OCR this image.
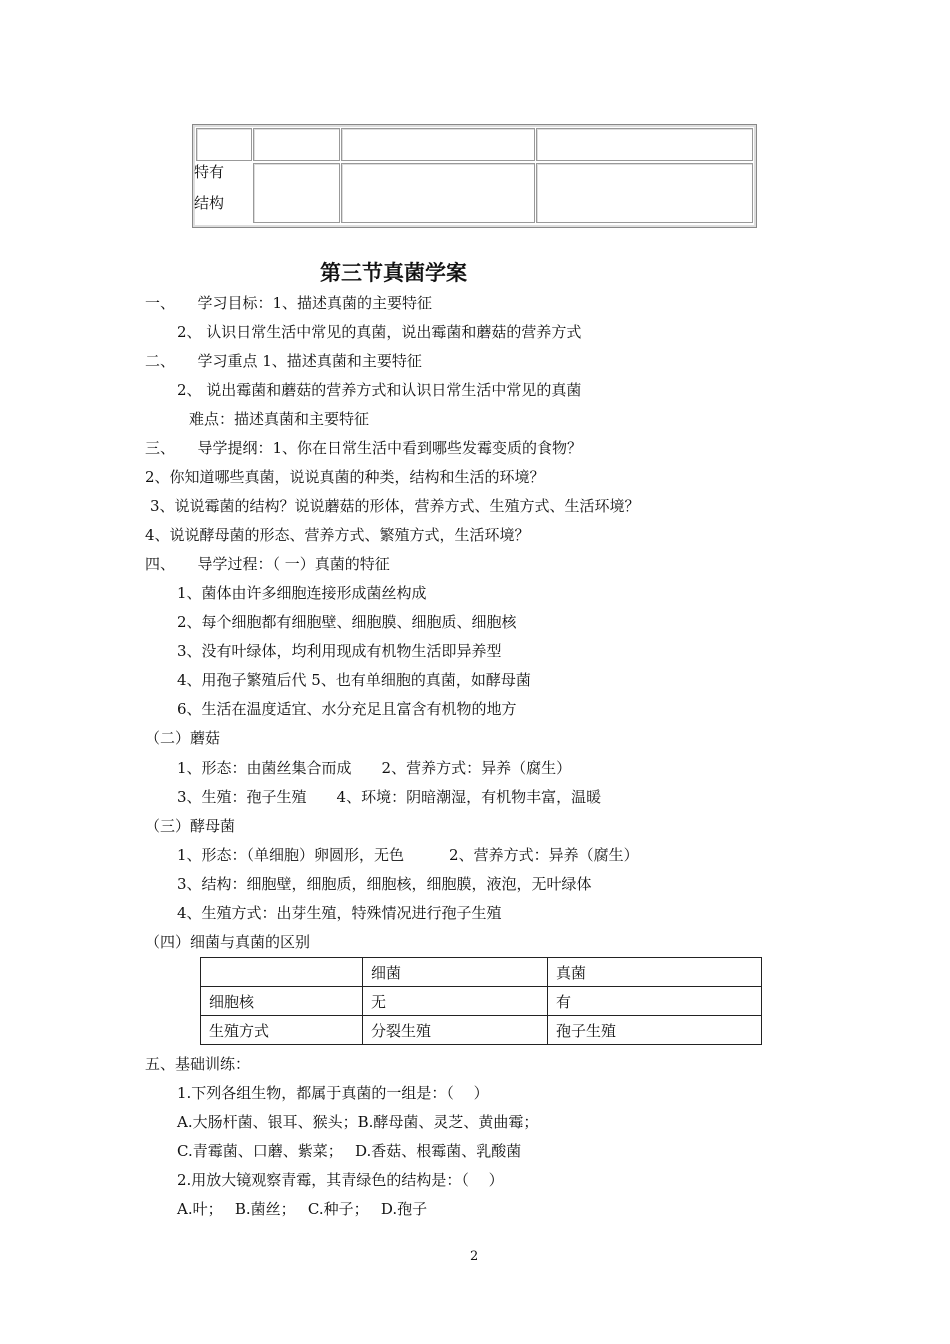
特有
结构
第三节真菌学案
一、　　学习目标：1、描述真菌的主要特征
2、 认识日常生活中常见的真菌，说出霉菌和蘑菇的营养方式
二、　　学习重点 1、描述真菌和主要特征
2、 说出霉菌和蘑菇的营养方式和认识日常生活中常见的真菌
难点：描述真菌和主要特征
三、　　导学提纲：1、你在日常生活中看到哪些发霉变质的食物？
2、你知道哪些真菌，说说真菌的种类，结构和生活的环境？
3、说说霉菌的结构？说说蘑菇的形体，营养方式、生殖方式、生活环境？
4、说说酵母菌的形态、营养方式、繁殖方式，生活环境？
四、　　导学过程：（ 一）真菌的特征
1、菌体由许多细胞连接形成菌丝构成
2、每个细胞都有细胞壁、细胞膜、细胞质、细胞核
3、没有叶绿体，均利用现成有机物生活即异养型
4、用孢子繁殖后代 5、也有单细胞的真菌，如酵母菌
6、生活在温度适宜、水分充足且富含有机物的地方
（二）蘑菇
1、形态：由菌丝集合而成　　2、营养方式：异养（腐生）
3、生殖：孢子生殖　　4、环境：阴暗潮湿，有机物丰富，温暖
（三）酵母菌
1、形态：（单细胞）卵圆形，无色　　　2、营养方式：异养（腐生）
3、结构：细胞壁，细胞质，细胞核，细胞膜，液泡，无叶绿体
4、生殖方式：出芽生殖，特殊情况进行孢子生殖
（四）细菌与真菌的区别
	细菌	真菌
细胞核	无	有
生殖方式	分裂生殖	孢子生殖
五、基础训练：
1.下列各组生物，都属于真菌的一组是：（　 ）
A.大肠杆菌、银耳、猴头；B.酵母菌、灵芝、黄曲霉；
C.青霉菌、口蘑、紫菜；　 D.香菇、根霉菌、乳酸菌
2.用放大镜观察青霉，其青绿色的结构是：（　 ）
A.叶；　 B.菌丝；　 C.种子；　 D.孢子
2
